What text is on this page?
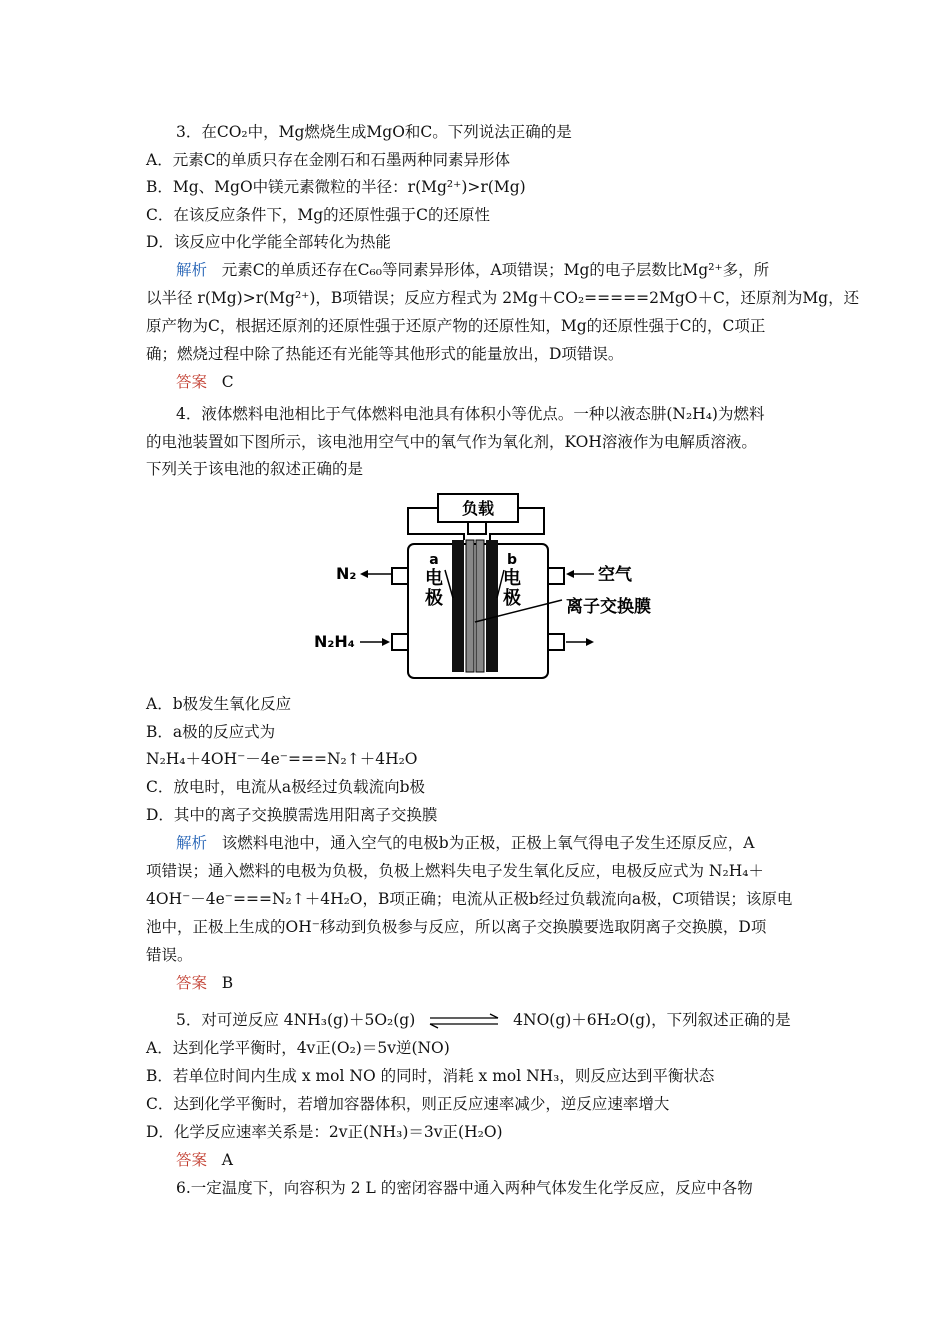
3．在CO₂中，Mg燃烧生成MgO和C。下列说法正确的是
A．元素C的单质只存在金刚石和石墨两种同素异形体
B．Mg、MgO中镁元素微粒的半径：r(Mg²⁺)>r(Mg)
C．在该反应条件下，Mg的还原性强于C的还原性
D．该反应中化学能全部转化为热能
解析 元素C的单质还存在C₆₀等同素异形体，A项错误；Mg的电子层数比Mg²⁺多，所
以半径 r(Mg)>r(Mg²⁺)，B项错误；反应方程式为 2Mg＋CO₂=====2MgO＋C，还原剂为Mg，还
原产物为C，根据还原剂的还原性强于还原产物的还原性知，Mg的还原性强于C的，C项正
确；燃烧过程中除了热能还有光能等其他形式的能量放出，D项错误。
答案 C
4．液体燃料电池相比于气体燃料电池具有体积小等优点。一种以液态肼(N₂H₄)为燃料
的电池装置如下图所示，该电池用空气中的氧气作为氧化剂，KOH溶液作为电解质溶液。
下列关于该电池的叙述正确的是
负载
a
电
极
b
电
极	离子交换膜
N₂
N₂H₄
空气
A．b极发生氧化反应
B．a极的反应式为
N₂H₄＋4OH⁻－4e⁻===N₂↑＋4H₂O
C．放电时，电流从a极经过负载流向b极
D．其中的离子交换膜需选用阳离子交换膜
解析 该燃料电池中，通入空气的电极b为正极，正极上氧气得电子发生还原反应，A
项错误；通入燃料的电极为负极，负极上燃料失电子发生氧化反应，电极反应式为 N₂H₄＋
4OH⁻－4e⁻===N₂↑＋4H₂O，B项正确；电流从正极b经过负载流向a极，C项错误；该原电
池中，正极上生成的OH⁻移动到负极参与反应，所以离子交换膜要选取阴离子交换膜，D项
错误。
答案 B
5．对可逆反应 4NH₃(g)＋5O₂(g)	4NO(g)＋6H₂O(g)，下列叙述正确的是
A．达到化学平衡时，4v正(O₂)＝5v逆(NO)
B．若单位时间内生成 x mol NO 的同时，消耗 x mol NH₃，则反应达到平衡状态
C．达到化学平衡时，若增加容器体积，则正反应速率减少，逆反应速率增大
D．化学反应速率关系是：2v正(NH₃)＝3v正(H₂O)
答案 A
6.一定温度下，向容积为 2 L 的密闭容器中通入两种气体发生化学反应，反应中各物
